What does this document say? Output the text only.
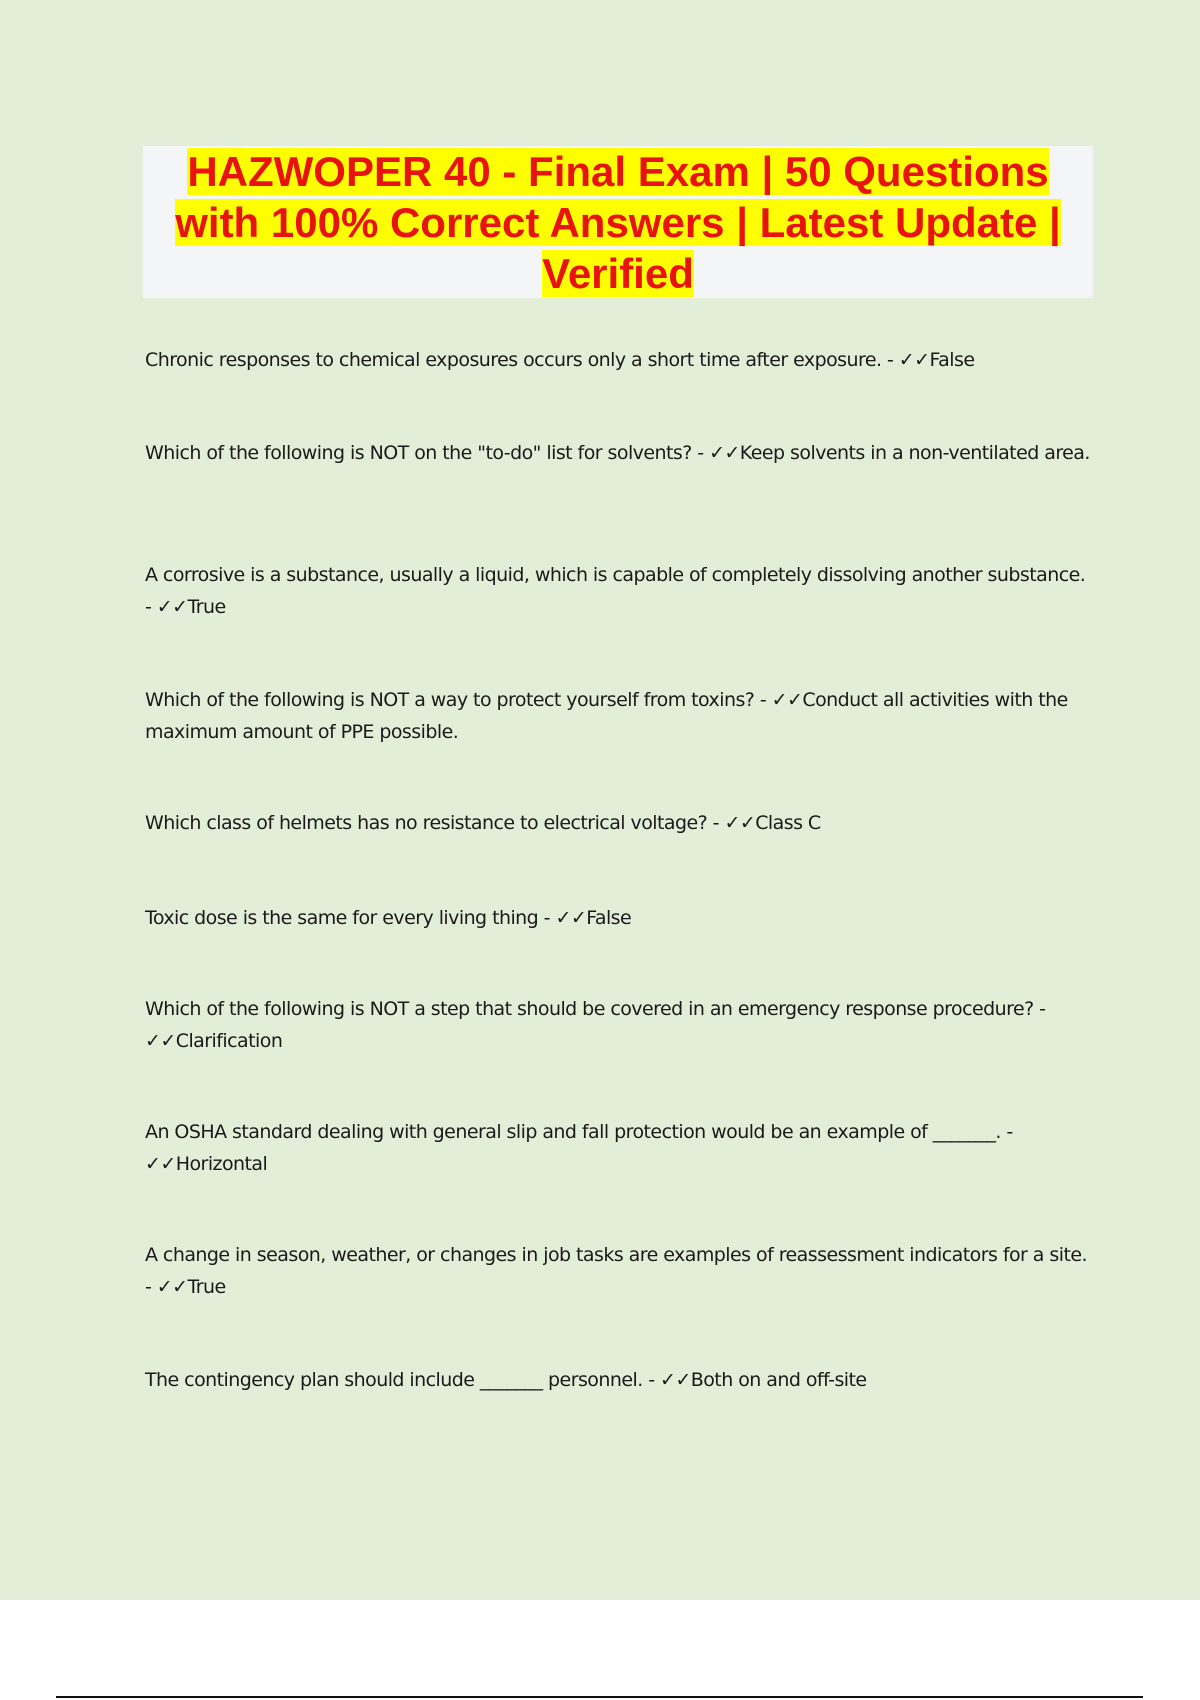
HAZWOPER 40 - Final Exam | 50 Questions with 100% Correct Answers | Latest Update | Verified

Chronic responses to chemical exposures occurs only a short time after exposure. - ✓✓False

Which of the following is NOT on the "to-do" list for solvents? - ✓✓Keep solvents in a non-ventilated area.

A corrosive is a substance, usually a liquid, which is capable of completely dissolving another substance. - ✓✓True

Which of the following is NOT a way to protect yourself from toxins? - ✓✓Conduct all activities with the maximum amount of PPE possible.

Which class of helmets has no resistance to electrical voltage? - ✓✓Class C

Toxic dose is the same for every living thing - ✓✓False

Which of the following is NOT a step that should be covered in an emergency response procedure? - ✓✓Clarification

An OSHA standard dealing with general slip and fall protection would be an example of _______. - ✓✓Horizontal

A change in season, weather, or changes in job tasks are examples of reassessment indicators for a site. - ✓✓True

The contingency plan should include _______ personnel. - ✓✓Both on and off-site
